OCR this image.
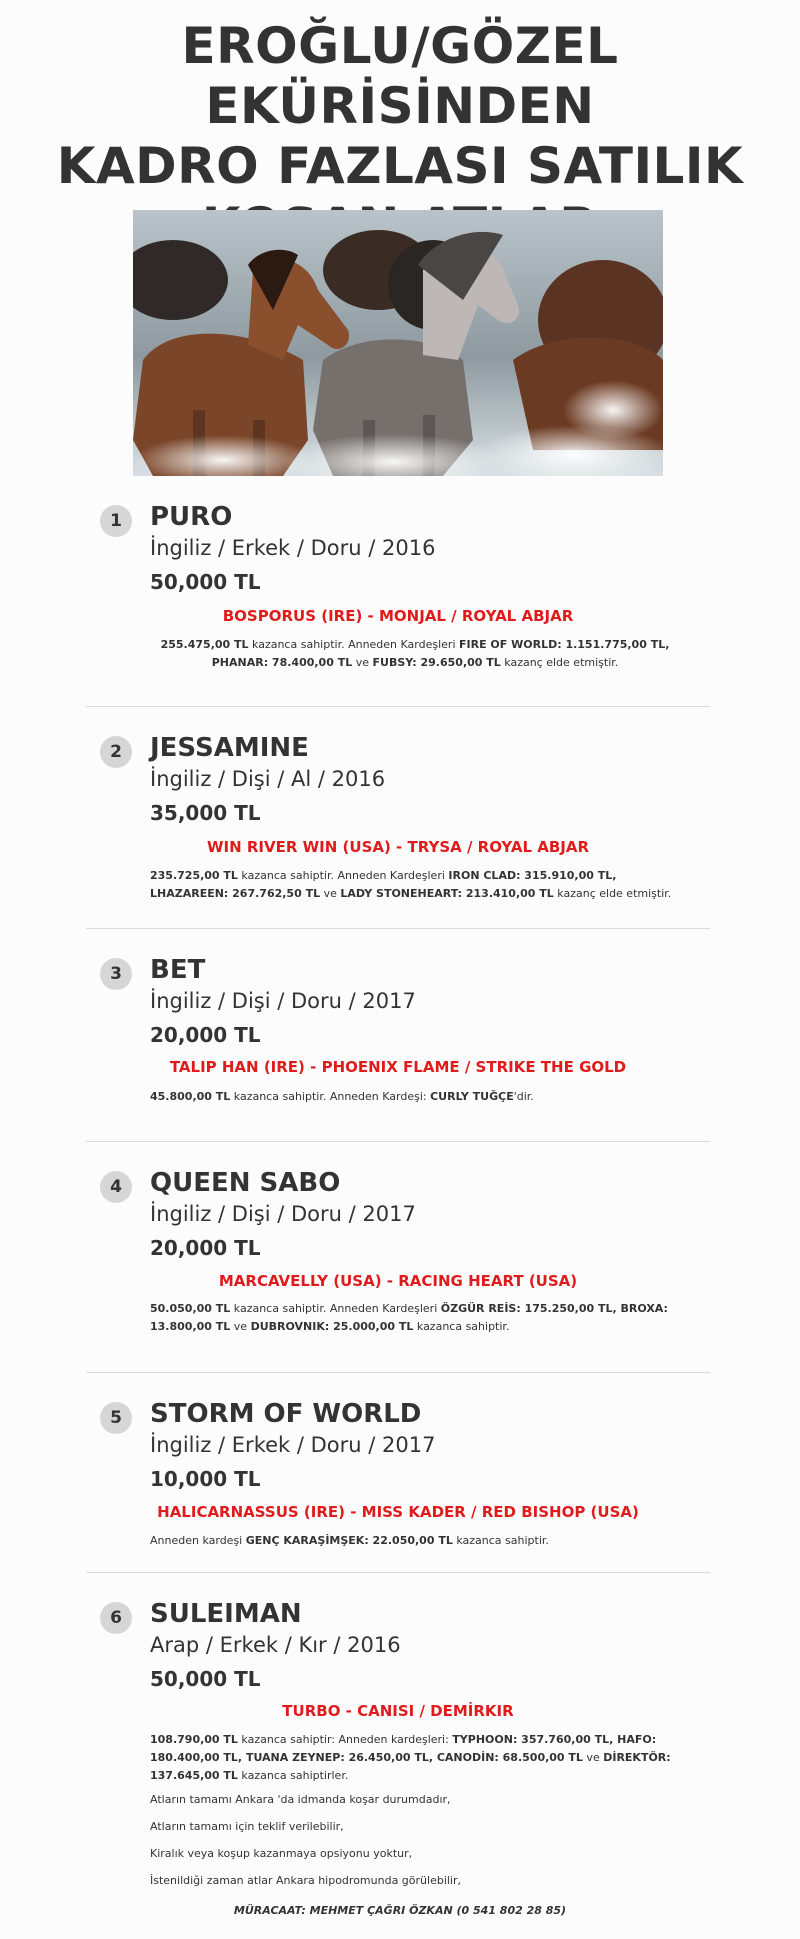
EROĞLU/GÖZEL EKÜRİSİNDEN
KADRO FAZLASI SATILIK
1	PURO
İngiliz / Erkek / Doru / 2016
50,000 TL
BOSPORUS (IRE) - MONJAL / ROYAL ABJAR
255.475,00 TL kazanca sahiptir. Anneden Kardeşleri FIRE OF WORLD: 1.151.775,00 TL, PHANAR: 78.400,00 TL ve FUBSY: 29.650,00 TL kazanç elde etmiştir.
2	JESSAMINE
İngiliz / Dişi / Al / 2016
35,000 TL
WIN RIVER WIN (USA) - TRYSA / ROYAL ABJAR
235.725,00 TL kazanca sahiptir. Anneden Kardeşleri IRON CLAD: 315.910,00 TL, LHAZAREEN: 267.762,50 TL ve LADY STONEHEART: 213.410,00 TL kazanç elde etmiştir.
3	BET
İngiliz / Dişi / Doru / 2017
20,000 TL
TALIP HAN (IRE) - PHOENIX FLAME / STRIKE THE GOLD
45.800,00 TL kazanca sahiptir. Anneden Kardeşi: CURLY TUĞÇE'dir.
4	QUEEN SABO
İngiliz / Dişi / Doru / 2017
20,000 TL
MARCAVELLY (USA) - RACING HEART (USA)
50.050,00 TL kazanca sahiptir. Anneden Kardeşleri ÖZGÜR REİS: 175.250,00 TL, BROXA: 13.800,00 TL ve DUBROVNIK: 25.000,00 TL kazanca sahiptir.
5	STORM OF WORLD
İngiliz / Erkek / Doru / 2017
10,000 TL
HALICARNASSUS (IRE) - MISS KADER / RED BISHOP (USA)
Anneden kardeşi GENÇ KARAŞİMŞEK: 22.050,00 TL kazanca sahiptir.
6	SULEIMAN
Arap / Erkek / Kır / 2016
50,000 TL
TURBO - CANISI / DEMİRKIR
108.790,00 TL kazanca sahiptir: Anneden kardeşleri: TYPHOON: 357.760,00 TL, HAFO: 180.400,00 TL, TUANA ZEYNEP: 26.450,00 TL, CANODİN: 68.500,00 TL ve DİREKTÖR: 137.645,00 TL kazanca sahiptirler.
Atların tamamı Ankara 'da idmanda koşar durumdadır,
Atların tamamı için teklif verilebilir,
Kiralık veya koşup kazanmaya opsiyonu yoktur,
İstenildiği zaman atlar Ankara hipodromunda görülebilir,
MÜRACAAT: MEHMET ÇAĞRI ÖZKAN (0 541 802 28 85)
